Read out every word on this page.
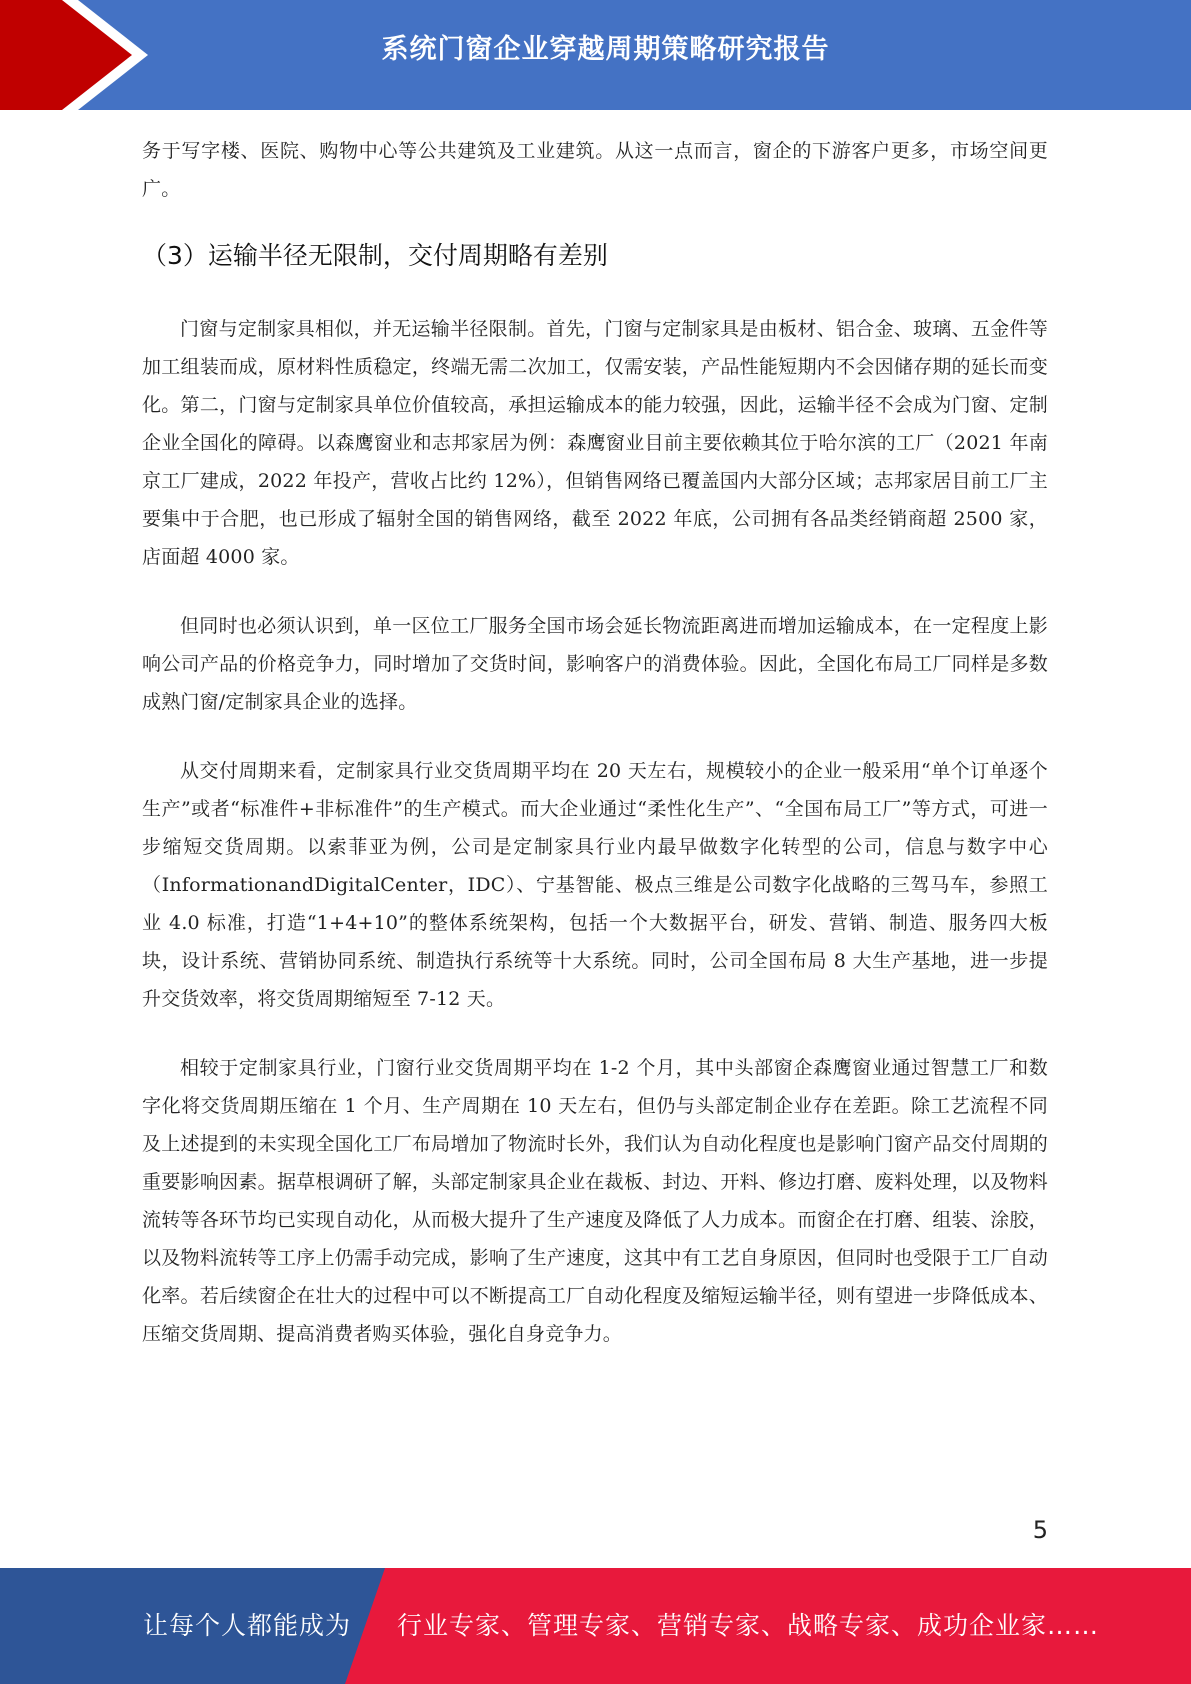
系统门窗企业穿越周期策略研究报告

务于写字楼、医院、购物中心等公共建筑及工业建筑。从这一点而言，窗企的下游客户更多，市场空间更广。

（3）运输半径无限制，交付周期略有差别

门窗与定制家具相似，并无运输半径限制。首先，门窗与定制家具是由板材、铝合金、玻璃、五金件等加工组装而成，原材料性质稳定，终端无需二次加工，仅需安装，产品性能短期内不会因储存期的延长而变化。第二，门窗与定制家具单位价值较高，承担运输成本的能力较强，因此，运输半径不会成为门窗、定制企业全国化的障碍。以森鹰窗业和志邦家居为例：森鹰窗业目前主要依赖其位于哈尔滨的工厂（2021 年南京工厂建成，2022 年投产，营收占比约 12%），但销售网络已覆盖国内大部分区域；志邦家居目前工厂主要集中于合肥，也已形成了辐射全国的销售网络，截至 2022 年底，公司拥有各品类经销商超 2500 家，店面超 4000 家。

但同时也必须认识到，单一区位工厂服务全国市场会延长物流距离进而增加运输成本，在一定程度上影响公司产品的价格竞争力，同时增加了交货时间，影响客户的消费体验。因此，全国化布局工厂同样是多数成熟门窗/定制家具企业的选择。

从交付周期来看，定制家具行业交货周期平均在 20 天左右，规模较小的企业一般采用“单个订单逐个生产”或者“标准件+非标准件”的生产模式。而大企业通过“柔性化生产”、“全国布局工厂”等方式，可进一步缩短交货周期。以索菲亚为例，公司是定制家具行业内最早做数字化转型的公司，信息与数字中心（InformationandDigitalCenter，IDC）、宁基智能、极点三维是公司数字化战略的三驾马车，参照工业 4.0 标准，打造“1+4+10”的整体系统架构，包括一个大数据平台，研发、营销、制造、服务四大板块，设计系统、营销协同系统、制造执行系统等十大系统。同时，公司全国布局 8 大生产基地，进一步提升交货效率，将交货周期缩短至 7-12 天。

相较于定制家具行业，门窗行业交货周期平均在 1-2 个月，其中头部窗企森鹰窗业通过智慧工厂和数字化将交货周期压缩在 1 个月、生产周期在 10 天左右，但仍与头部定制企业存在差距。除工艺流程不同及上述提到的未实现全国化工厂布局增加了物流时长外，我们认为自动化程度也是影响门窗产品交付周期的重要影响因素。据草根调研了解，头部定制家具企业在裁板、封边、开料、修边打磨、废料处理，以及物料流转等各环节均已实现自动化，从而极大提升了生产速度及降低了人力成本。而窗企在打磨、组装、涂胶，以及物料流转等工序上仍需手动完成，影响了生产速度，这其中有工艺自身原因，但同时也受限于工厂自动化率。若后续窗企在壮大的过程中可以不断提高工厂自动化程度及缩短运输半径，则有望进一步降低成本、压缩交货周期、提高消费者购买体验，强化自身竞争力。

5
让每个人都能成为 行业专家、管理专家、营销专家、战略专家、成功企业家……
